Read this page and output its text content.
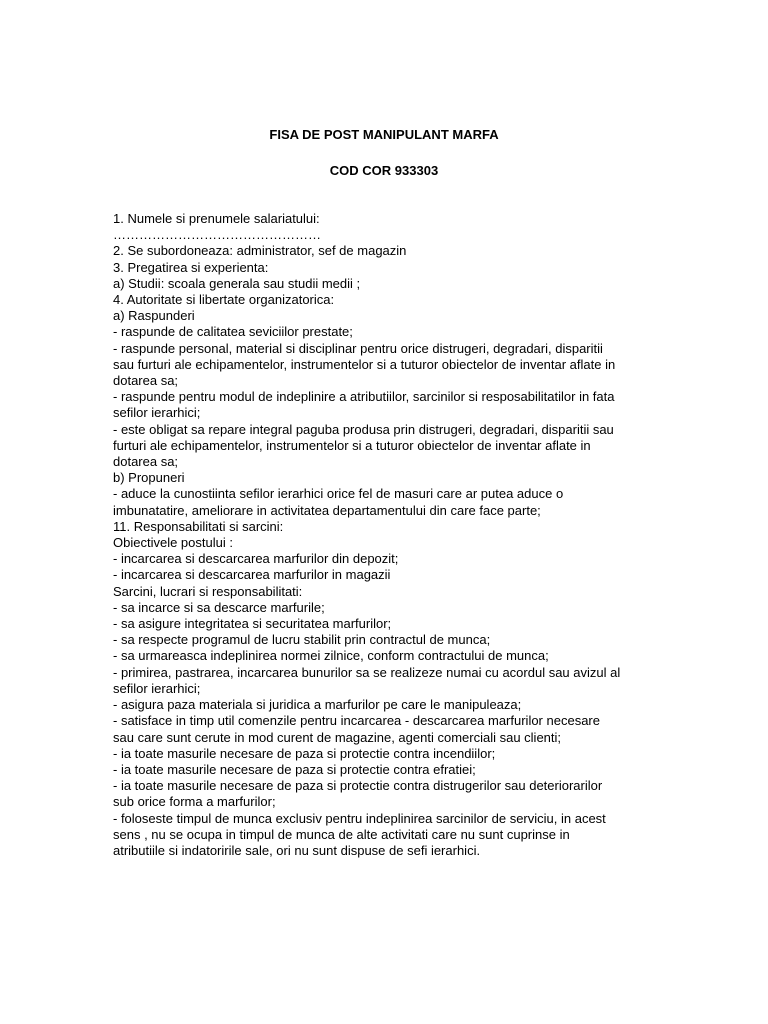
FISA DE POST MANIPULANT MARFA
COD COR 933303
1. Numele si prenumele salariatului:
…………………………………………
2. Se subordoneaza: administrator, sef de magazin
3. Pregatirea si experienta:
a) Studii: scoala generala sau studii medii ;
4. Autoritate si libertate organizatorica:
a) Raspunderi
- raspunde de calitatea seviciilor prestate;
- raspunde personal, material si disciplinar pentru orice distrugeri, degradari, disparitii
sau furturi ale echipamentelor, instrumentelor si a tuturor obiectelor de inventar aflate in
dotarea sa;
- raspunde pentru modul de indeplinire a atributiilor, sarcinilor si resposabilitatilor in fata
sefilor ierarhici;
- este obligat sa repare integral paguba produsa prin distrugeri, degradari, disparitii sau
furturi ale echipamentelor, instrumentelor si a tuturor obiectelor de inventar aflate in
dotarea sa;
b) Propuneri
- aduce la cunostiinta sefilor ierarhici orice fel de masuri care ar putea aduce o
imbunatatire, ameliorare in activitatea departamentului din care face parte;
11. Responsabilitati si sarcini:
Obiectivele postului :
- incarcarea si descarcarea marfurilor din depozit;
- incarcarea si descarcarea marfurilor in magazii
Sarcini, lucrari si responsabilitati:
- sa incarce si sa descarce marfurile;
- sa asigure integritatea si securitatea marfurilor;
- sa respecte programul de lucru stabilit prin contractul de munca;
- sa urmareasca indeplinirea normei zilnice, conform contractului de munca;
- primirea, pastrarea, incarcarea bunurilor sa se realizeze numai cu acordul sau avizul al
sefilor ierarhici;
- asigura paza materiala si juridica a marfurilor pe care le manipuleaza;
- satisface in timp util comenzile pentru incarcarea - descarcarea marfurilor necesare
sau care sunt cerute in mod curent de magazine, agenti comerciali sau clienti;
- ia toate masurile necesare de paza si protectie contra incendiilor;
- ia toate masurile necesare de paza si protectie contra efratiei;
- ia toate masurile necesare de paza si protectie contra distrugerilor sau deteriorarilor
sub orice forma a marfurilor;
- foloseste timpul de munca exclusiv pentru indeplinirea sarcinilor de serviciu, in acest
sens , nu se ocupa in timpul de munca de alte activitati care nu sunt cuprinse in
atributiile si indatoririle sale, ori nu sunt dispuse de sefi ierarhici.
